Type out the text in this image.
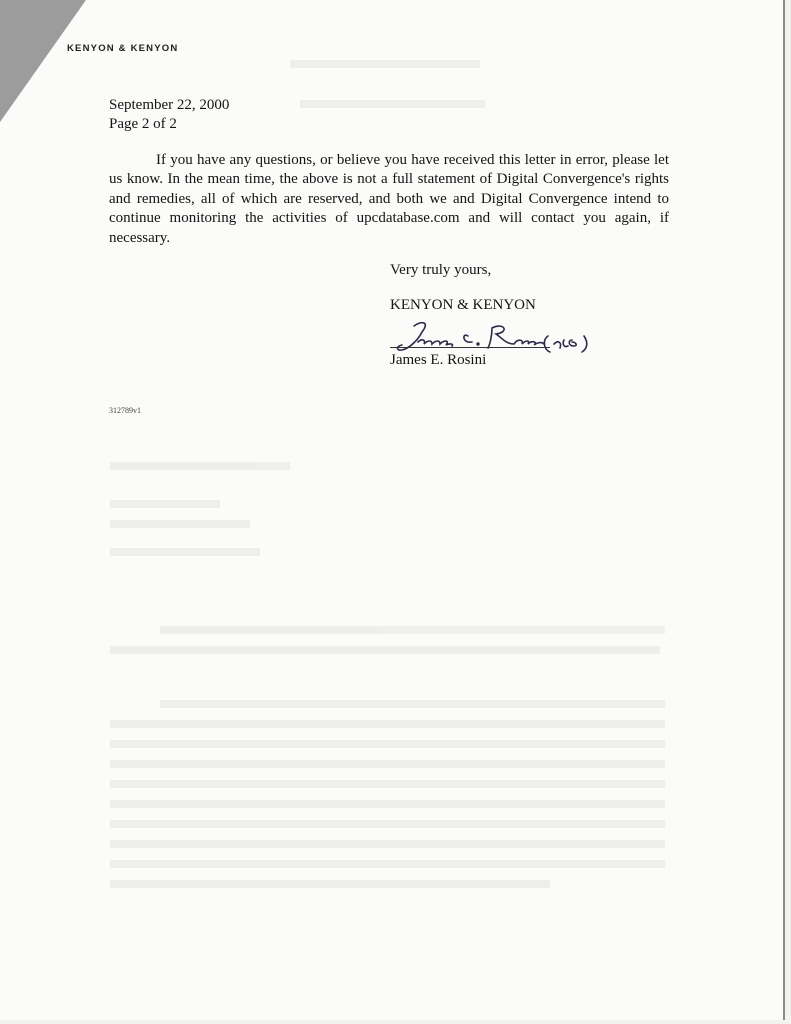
KENYON & KENYON
September 22, 2000
Page 2 of 2

If you have any questions, or believe you have received this letter in error, please let us know. In the mean time, the above is not a full statement of Digital Convergence's rights and remedies, all of which are reserved, and both we and Digital Convergence intend to continue monitoring the activities of upcdatabase.com and will contact you again, if necessary.

Very truly yours,
KENYON & KENYON
James E. Rosini
312789v1
